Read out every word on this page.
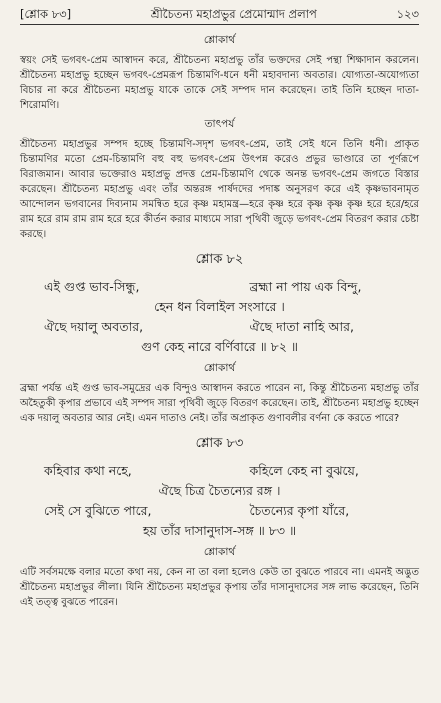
[শ্লোক ৮৩]	শ্রীচৈতন্য মহাপ্রভুর প্রেমোন্মাদ প্রলাপ	১২৩
শ্লোকার্থ

স্বয়ং সেই ভগবৎ-প্রেম আস্বাদন করে, শ্রীচৈতন্য মহাপ্রভু তাঁর ভক্তদের সেই পন্থা শিক্ষাদান করলেন। শ্রীচৈতন্য মহাপ্রভু হচ্ছেন ভগবৎ-প্রেমরূপ চিন্তামণি-ধনে ধনী মহাবদান্য অবতার। যোগ্যতা-অযোগ্যতা বিচার না করে শ্রীচৈতন্য মহাপ্রভু যাকে তাকে সেই সম্পদ দান করেছেন। তাই তিনি হচ্ছেন দাতা-শিরোমণি।

তাৎপর্য

শ্রীচৈতন্য মহাপ্রভুর সম্পদ হচ্ছে চিন্তামণি-সদৃশ ভগবৎ-প্রেম, তাই সেই ধনে তিনি ধনী। প্রাকৃত চিন্তামণির মতো প্রেম-চিন্তামণি বহু বহু ভগবৎ-প্রেম উৎপন্ন করেও প্রভুর ভাণ্ডারে তা পূর্ণরূপে বিরাজমান। আবার ভক্তেরাও মহাপ্রভু প্রদত্ত প্রেম-চিন্তামণি থেকে অনন্ত ভগবৎ-প্রেম জগতে বিস্তার করেছেন। শ্রীচৈতন্য মহাপ্রভু এবং তাঁর অন্তরঙ্গ পার্ষদদের পদাঙ্ক অনুসরণ করে এই কৃষ্ণভাবনামৃত আন্দোলন ভগবানের দিব্যনাম সমন্বিত হরে কৃষ্ণ মহামন্ত্র—হরে কৃষ্ণ হরে কৃষ্ণ কৃষ্ণ কৃষ্ণ হরে হরে/হরে রাম হরে রাম রাম রাম হরে হরে কীর্তন করার মাধ্যমে সারা পৃথিবী জুড়ে ভগবৎ-প্রেম বিতরণ করার চেষ্টা করছে।

শ্লোক ৮২
এই গুপ্ত ভাব-সিন্ধু,	ব্রহ্মা না পায় এক বিন্দু,
হেন ধন বিলাইল সংসারে ।
ঐছে দয়ালু অবতার,	ঐছে দাতা নাহি আর,
গুণ কেহ নারে বর্ণিবারে ॥ ৮২ ॥
শ্লোকার্থ

ব্রহ্মা পর্যন্ত এই গুপ্ত ভাব-সমুদ্রের এক বিন্দুও আস্বাদন করতে পারেন না, কিন্তু শ্রীচৈতন্য মহাপ্রভু তাঁর অহৈতুকী কৃপার প্রভাবে এই সম্পদ সারা পৃথিবী জুড়ে বিতরণ করেছেন। তাই, শ্রীচৈতন্য মহাপ্রভু হচ্ছেন এক দয়ালু অবতার আর নেই। এমন দাতাও নেই। তাঁর অপ্রাকৃত গুণাবলীর বর্ণনা কে করতে পারে?

শ্লোক ৮৩
কহিবার কথা নহে,	কহিলে কেহ না বুঝয়ে,
ঐছে চিত্র চৈতন্যের রঙ্গ ।
সেই সে বুঝিতে পারে,	চৈতন্যের কৃপা যাঁরে,
হয় তাঁর দাসানুদাস-সঙ্গ ॥ ৮৩ ॥
শ্লোকার্থ

এটি সর্বসমক্ষে বলার মতো কথা নয়, কেন না তা বলা হলেও কেউ তা বুঝতে পারবে না। এমনই অদ্ভুত শ্রীচৈতন্য মহাপ্রভুর লীলা। যিনি শ্রীচৈতন্য মহাপ্রভুর কৃপায় তাঁর দাসানুদাসের সঙ্গ লাভ করেছেন, তিনি এই তত্ত্ব বুঝতে পারেন।
